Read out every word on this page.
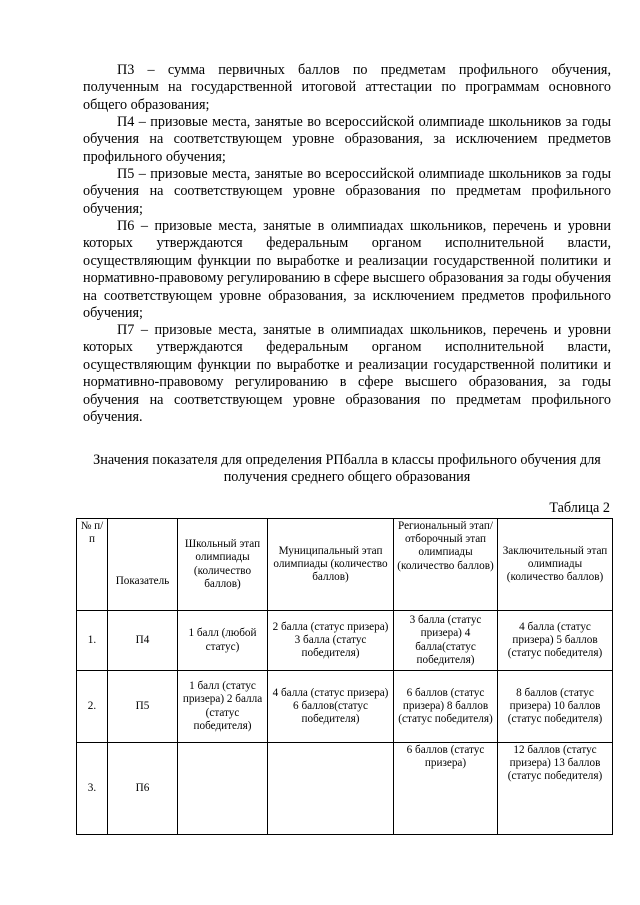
П3 – сумма первичных баллов по предметам профильного обучения, полученным на государственной итоговой аттестации по программам основного общего образования;

П4 – призовые места, занятые во всероссийской олимпиаде школьников за годы обучения на соответствующем уровне образования, за исключением предметов профильного обучения;

П5 – призовые места, занятые во всероссийской олимпиаде школьников за годы обучения на соответствующем уровне образования по предметам профильного обучения;

П6 – призовые места, занятые в олимпиадах школьников, перечень и уровни которых утверждаются федеральным органом исполнительной власти, осуществляющим функции по выработке и реализации государственной политики и нормативно-правовому регулированию в сфере высшего образования за годы обучения на соответствующем уровне образования, за исключением предметов профильного обучения;

П7 – призовые места, занятые в олимпиадах школьников, перечень и уровни которых утверждаются федеральным органом исполнительной власти, осуществляющим функции по выработке и реализации государственной политики и нормативно-правовому регулированию в сфере высшего образования, за годы обучения на соответствующем уровне образования по предметам профильного обучения.

Значения показателя для определения РПбалла в классы профильного обучения для получения среднего общего образования

Таблица 2

№ п/п	Показатель	Школьный этап олимпиады (количество баллов)	Муниципальный этап олимпиады (количество баллов)	Региональный этап/ отборочный этап олимпиады (количество баллов)	Заключительный этап олимпиады (количество баллов)
1.	П4	1 балл (любой статус)	2 балла (статус призера) 3 балла (статус победителя)	3 балла (статус призера) 4 балла(статус победителя)	4 балла (статус призера) 5 баллов (статус победителя)
2.	П5	1 балл (статус призера) 2 балла (статус победителя)	4 балла (статус призера) 6 баллов(статус победителя)	6 баллов (статус призера) 8 баллов (статус победителя)	8 баллов (статус призера) 10 баллов (статус победителя)
3.	П6			6 баллов (статус призера)	12 баллов (статус призера) 13 баллов (статус победителя)
